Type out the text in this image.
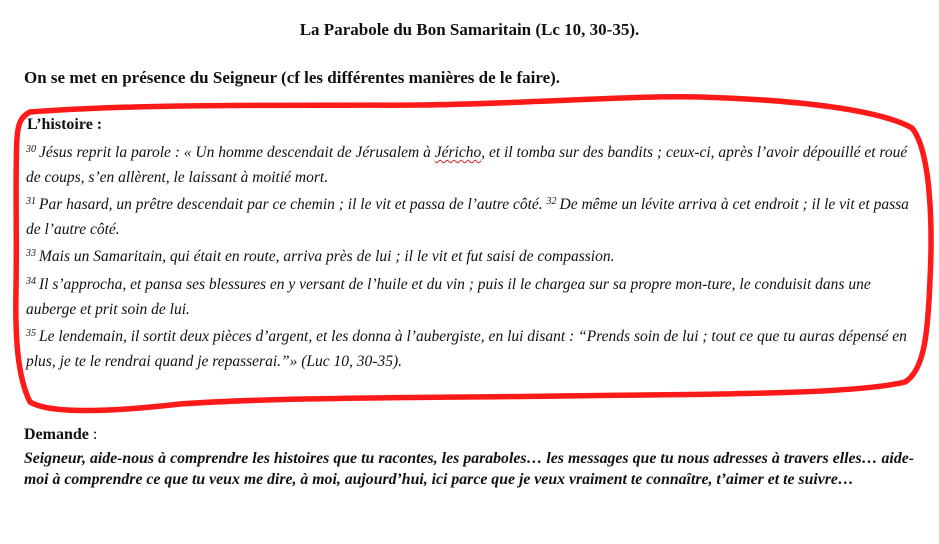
La Parabole du Bon Samaritain (Lc 10, 30-35).
On se met en présence du Seigneur (cf les différentes manières de le faire).
L’histoire :

$^{30}$ Jésus reprit la parole : « Un homme descendait de Jérusalem à Jéricho, et il tomba sur des bandits ; ceux-ci, après l’avoir dépouillé et roué de coups, s’en allèrent, le laissant à moitié mort.

$^{31}$ Par hasard, un prêtre descendait par ce chemin ; il le vit et passa de l’autre côté. $^{32}$ De même un lévite arriva à cet endroit ; il le vit et passa de l’autre côté.

$^{33}$ Mais un Samaritain, qui était en route, arriva près de lui ; il le vit et fut saisi de compassion.

$^{34}$ Il s’approcha, et pansa ses blessures en y versant de l’huile et du vin ; puis il le chargea sur sa propre mon-ture, le conduisit dans une auberge et prit soin de lui.

$^{35}$ Le lendemain, il sortit deux pièces d’argent, et les donna à l’aubergiste, en lui disant : “Prends soin de lui ; tout ce que tu auras dépensé en plus, je te le rendrai quand je repasserai.”» (Luc 10, 30-35).

Demande :
Seigneur, aide-nous à comprendre les histoires que tu racontes, les paraboles… les messages que tu nous adresses à travers elles… aide-moi à comprendre ce que tu veux me dire, à moi, aujourd’hui, ici parce que je veux vraiment te connaître, t’aimer et te suivre…
